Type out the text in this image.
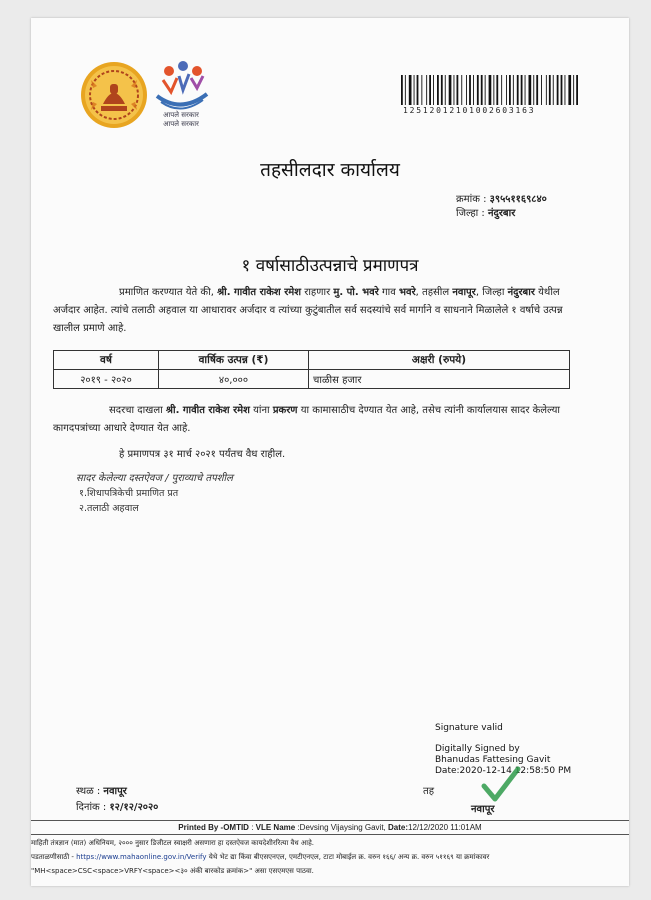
आपले सरकार
आपले सरकार
125120121010026031​63
तहसीलदार कार्यालय
क्रमांक : ३९५५११६९८४०
जिल्हा : नंदुरबार
१ वर्षासाठीउत्पन्नाचे प्रमाणपत्र
प्रमाणित करण्यात येते की, श्री. गावीत राकेश रमेश राहणार मु. पो. भवरे गाव भवरे, तहसील नवापूर, जिल्हा नंदुरबार येथील अर्जदार आहेत. त्यांचे तलाठी अहवाल या आधारावर अर्जदार व त्यांच्या कुटुंबातील सर्व सदस्यांचे सर्व मार्गाने व साधनाने मिळालेले १ वर्षाचे उत्पन्न खालील प्रमाणे आहे.
वर्ष	वार्षिक उत्पन्न (₹)	अक्षरी (रुपये)
२०१९ - २०२०	४०,०००	चाळीस हजार
सदरचा दाखला श्री. गावीत राकेश रमेश यांना प्रकरण या कामासाठीच देण्यात येत आहे, तसेच त्यांनी कार्यालयास सादर केलेल्या कागदपत्रांच्या आधारे देण्यात येत आहे.
हे प्रमाणपत्र ३१ मार्च २०२१ पर्यंतच वैध राहील.
सादर केलेल्या दस्तऐवज / पुराव्याचे तपशील
१.शिधापत्रिकेची प्रमाणित प्रत
२.तलाठी अहवाल
Signature valid
Digitally Signed by
Bhanudas Fattesing Gavit
Date:2020-12-14 12:58:50 PM
तह
नवापूर
स्थळ : नवापूर
दिनांक : १२/१२/२०२०
Printed By -OMTID : VLE Name :Devsing Vijaysing Gavit, Date:12/12/2020 11:01AM
माहिती तंत्रज्ञान (मात) अधिनियम, २००० नुसार डिजीटल स्वाक्षरी असणारा हा दस्तऐवज कायदेशीररित्या वैध आहे.
पडताळणीसाठी - https://www.mahaonline.gov.in/Verify येथे भेट द्या किंवा बीएसएनएल, एमटीएनएल, टाटा मोबाईल क्र. वरुन १६६/ अन्य क्र. वरुन ५११६९ या क्रमांकावर
"MH<space>CSC<space>VRFY<space><३० अंकी बारकोड क्रमांक>" असा एसएमएस पाठवा.
